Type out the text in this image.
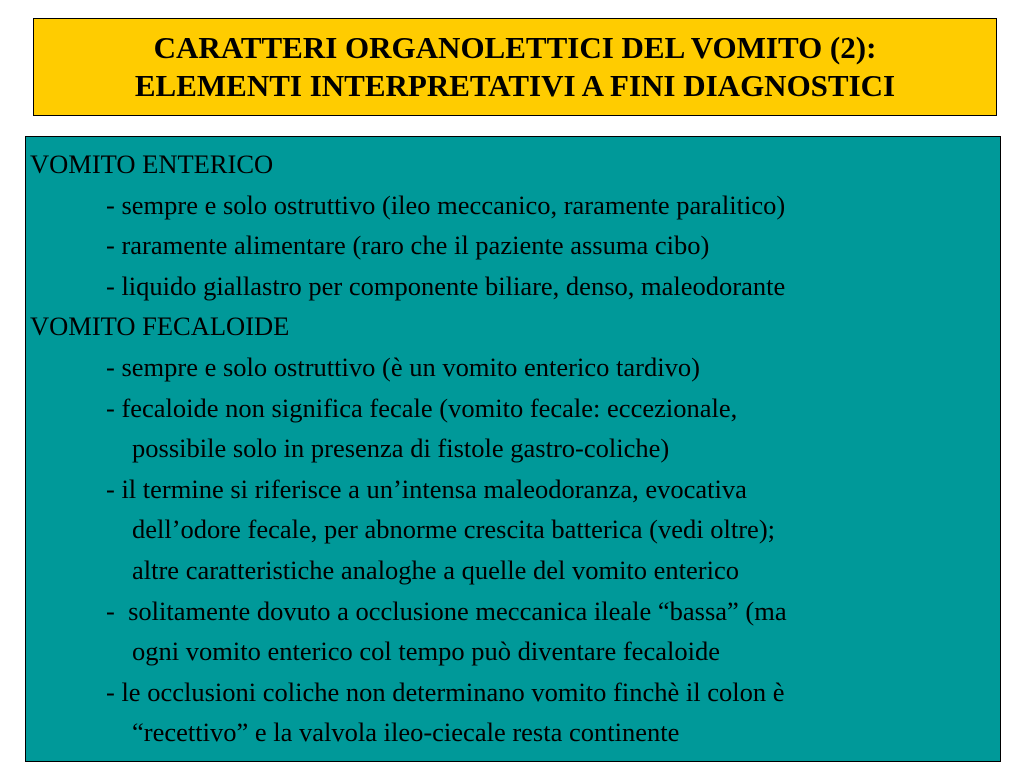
CARATTERI ORGANOLETTICI DEL VOMITO (2):
ELEMENTI INTERPRETATIVI A FINI DIAGNOSTICI
VOMITO ENTERICO
- sempre e solo ostruttivo (ileo meccanico, raramente paralitico)
- raramente alimentare (raro che il paziente assuma cibo)
- liquido giallastro per componente biliare, denso, maleodorante
VOMITO FECALOIDE
- sempre e solo ostruttivo (è un vomito enterico tardivo)
- fecaloide non significa fecale (vomito fecale: eccezionale,
possibile solo in presenza di fistole gastro-coliche)
- il termine si riferisce a un’intensa maleodoranza, evocativa
dell’odore fecale, per abnorme crescita batterica (vedi oltre);
altre caratteristiche analoghe a quelle del vomito enterico
-  solitamente dovuto a occlusione meccanica ileale “bassa” (ma
ogni vomito enterico col tempo può diventare fecaloide
- le occlusioni coliche non determinano vomito finchè il colon è
“recettivo” e la valvola ileo-ciecale resta continente
